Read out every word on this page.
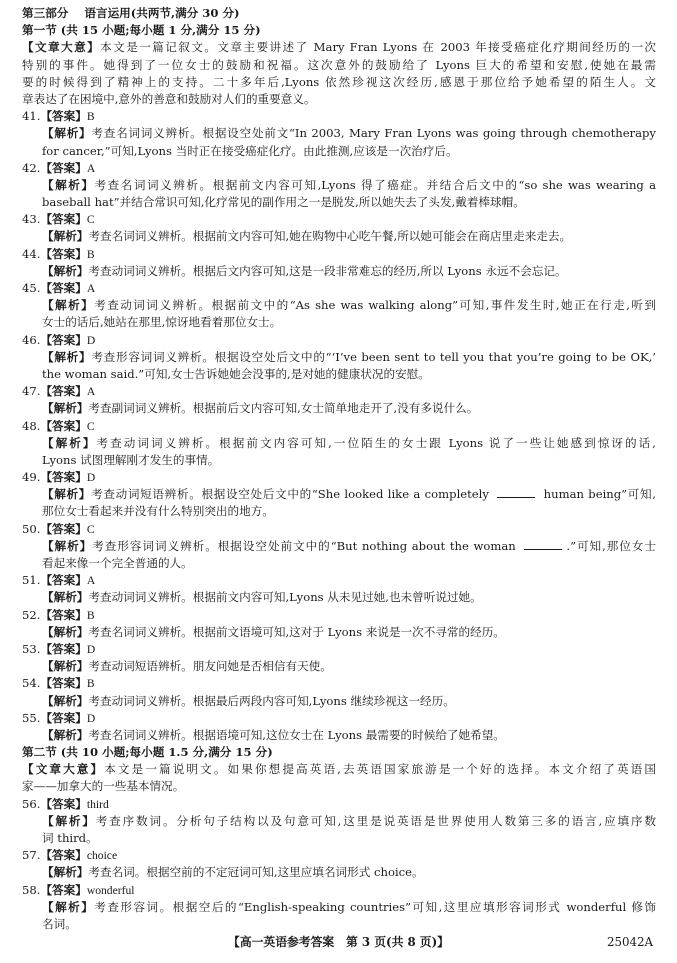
第三部分 语言运用(共两节,满分 30 分)
第一节 (共 15 小题;每小题 1 分,满分 15 分)
【文章大意】本文是一篇记叙文。文章主要讲述了 Mary Fran Lyons 在 2003 年接受癌症化疗期间经历的一次
特别的事件。她得到了一位女士的鼓励和祝福。这次意外的鼓励给了 Lyons 巨大的希望和安慰,使她在最需
要的时候得到了精神上的支持。二十多年后,Lyons 依然珍视这次经历,感恩于那位给予她希望的陌生人。文
章表达了在困境中,意外的善意和鼓励对人们的重要意义。
41.【答案】B
【解析】考查名词词义辨析。根据设空处前文“In 2003, Mary Fran Lyons was going through chemotherapy
for cancer,”可知,Lyons 当时正在接受癌症化疗。由此推测,应该是一次治疗后。
42.【答案】A
【解析】考查名词词义辨析。根据前文内容可知,Lyons 得了癌症。并结合后文中的“so she was wearing a
baseball hat”并结合常识可知,化疗常见的副作用之一是脱发,所以她失去了头发,戴着棒球帽。
43.【答案】C
【解析】考查名词词义辨析。根据前文内容可知,她在购物中心吃午餐,所以她可能会在商店里走来走去。
44.【答案】B
【解析】考查动词词义辨析。根据后文内容可知,这是一段非常难忘的经历,所以 Lyons 永远不会忘记。
45.【答案】A
【解析】考查动词词义辨析。根据前文中的“As she was walking along”可知,事件发生时,她正在行走,听到
女士的话后,她站在那里,惊讶地看着那位女士。
46.【答案】D
【解析】考查形容词词义辨析。根据设空处后文中的“‘I’ve been sent to tell you that you’re going to be OK,’
the woman said.”可知,女士告诉她她会没事的,是对她的健康状况的安慰。
47.【答案】A
【解析】考查副词词义辨析。根据前后文内容可知,女士简单地走开了,没有多说什么。
48.【答案】C
【解析】考查动词词义辨析。根据前文内容可知,一位陌生的女士跟 Lyons 说了一些让她感到惊讶的话,
Lyons 试图理解刚才发生的事情。
49.【答案】D
【解析】考查动词短语辨析。根据设空处后文中的“She looked like a completely	human being”可知,
那位女士看起来并没有什么特别突出的地方。
50.【答案】C
【解析】考查形容词词义辨析。根据设空处前文中的“But nothing about the woman	.”可知,那位女士
看起来像一个完全普通的人。
51.【答案】A
【解析】考查动词词义辨析。根据前文内容可知,Lyons 从未见过她,也未曾听说过她。
52.【答案】B
【解析】考查名词词义辨析。根据前文语境可知,这对于 Lyons 来说是一次不寻常的经历。
53.【答案】D
【解析】考查动词短语辨析。朋友问她是否相信有天使。
54.【答案】B
【解析】考查动词词义辨析。根据最后两段内容可知,Lyons 继续珍视这一经历。
55.【答案】D
【解析】考查名词词义辨析。根据语境可知,这位女士在 Lyons 最需要的时候给了她希望。
第二节 (共 10 小题;每小题 1.5 分,满分 15 分)
【文章大意】本文是一篇说明文。如果你想提高英语,去英语国家旅游是一个好的选择。本文介绍了英语国
家——加拿大的一些基本情况。
56.【答案】third
【解析】考查序数词。分析句子结构以及句意可知,这里是说英语是世界使用人数第三多的语言,应填序数
词 third。
57.【答案】choice
【解析】考查名词。根据空前的不定冠词可知,这里应填名词形式 choice。
58.【答案】wonderful
【解析】考查形容词。根据空后的“English-speaking countries”可知,这里应填形容词形式 wonderful 修饰
名词。
【高一英语参考答案　第 3 页(共 8 页)】	25042A
